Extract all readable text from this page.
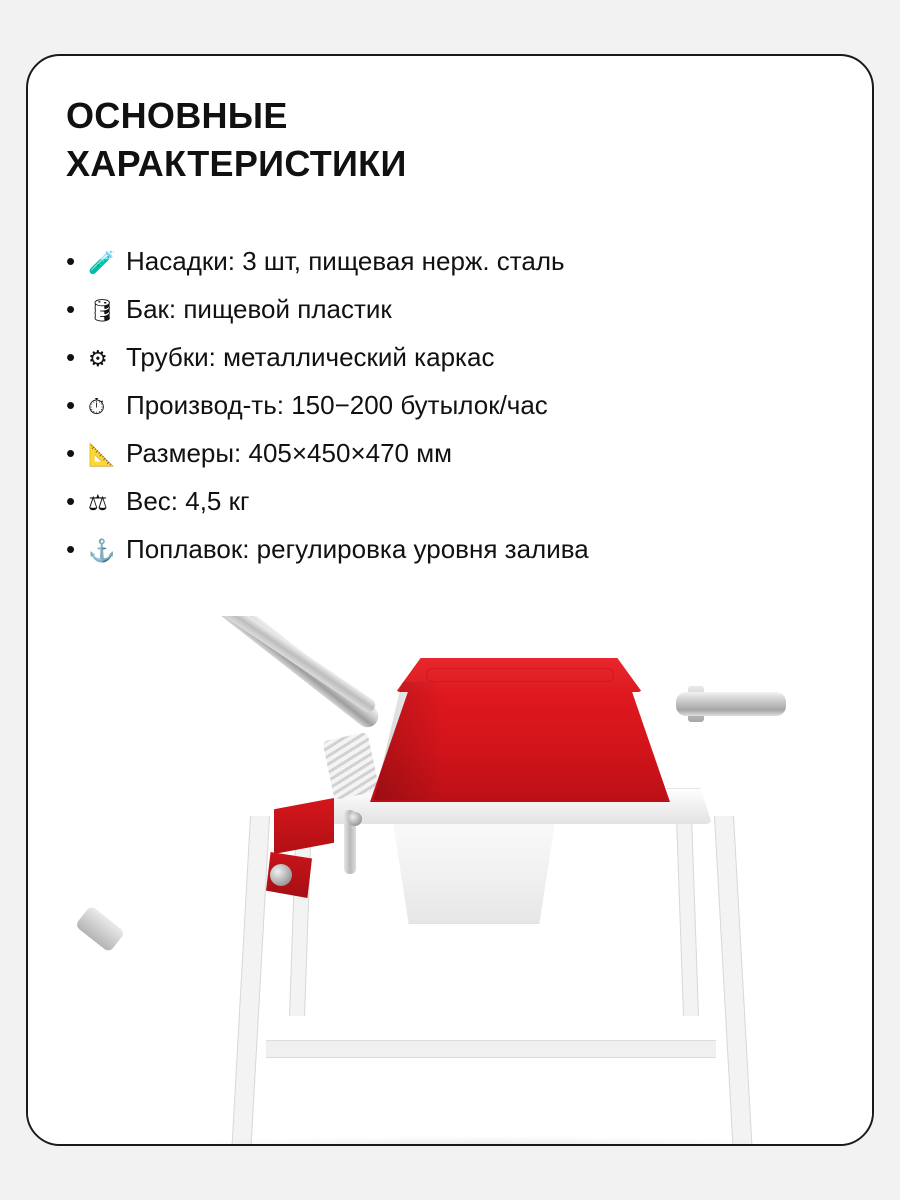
ОСНОВНЫЕ
ХАРАКТЕРИСТИКИ
• 🧪 Насадки: 3 шт, пищевая нерж. сталь
• 🛢 Бак: пищевой пластик
• ⚙ Трубки: металлический каркас
• ⏱ Производ-ть: 150−200 бутылок/час
• 📐 Размеры: 405×450×470 мм
• ⚖ Вес: 4,5 кг
• ⚓ Поплавок: регулировка уровня залива
